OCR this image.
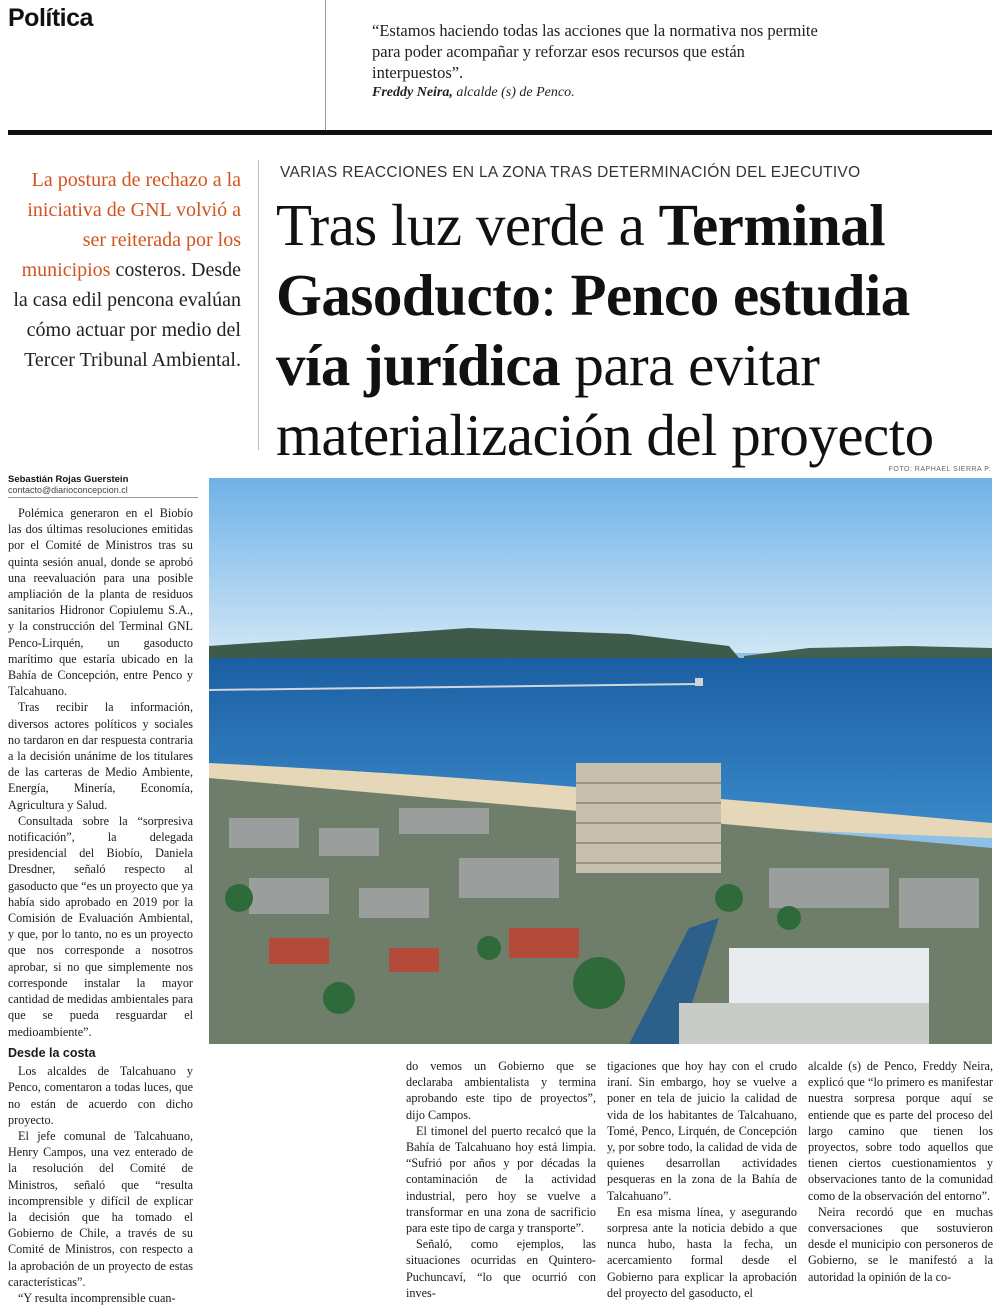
Política	“Estamos haciendo todas las acciones que la normativa nos permite para poder acompañar y reforzar esos recursos que están interpuestos”.
Freddy Neira, alcalde (s) de Penco.
La postura de rechazo a la iniciativa de GNL volvió a ser reiterada por los municipios costeros. Desde la casa edil pencona evalúan cómo actuar por medio del Tercer Tribunal Ambiental.
VARIAS REACCIONES EN LA ZONA TRAS DETERMINACIÓN DEL EJECUTIVO
Tras luz verde a Terminal Gasoducto: Penco estudia vía jurídica para evitar materialización del proyecto
FOTO: RAPHAEL SIERRA P.
Sebastián Rojas Guerstein
contacto@diarioconcepcion.cl

Polémica generaron en el Biobío las dos últimas resoluciones emitidas por el Comité de Ministros tras su quinta sesión anual, donde se aprobó una reevaluación para una posible ampliación de la planta de residuos sanitarios Hidronor Copiulemu S.A., y la construcción del Terminal GNL Penco-Lirquén, un gasoducto marítimo que estaría ubicado en la Bahía de Concepción, entre Penco y Talcahuano.

Tras recibir la información, diversos actores políticos y sociales no tardaron en dar respuesta contraria a la decisión unánime de los titulares de las carteras de Medio Ambiente, Energía, Minería, Economía, Agricultura y Salud.

Consultada sobre la “sorpresiva notificación”, la delegada presidencial del Biobío, Daniela Dresdner, señaló respecto al gasoducto que “es un proyecto que ya había sido aprobado en 2019 por la Comisión de Evaluación Ambiental, y que, por lo tanto, no es un proyecto que nos corresponde a nosotros aprobar, si no que simplemente nos corresponde instalar la mayor cantidad de medidas ambientales para que se pueda resguardar el medioambiente”.

Desde la costa

Los alcaldes de Talcahuano y Penco, comentaron a todas luces, que no están de acuerdo con dicho proyecto.

El jefe comunal de Talcahuano, Henry Campos, una vez enterado de la resolución del Comité de Ministros, señaló que “resulta incomprensible y difícil de explicar la decisión que ha tomado el Gobierno de Chile, a través de su Comité de Ministros, con respecto a la aprobación de un proyecto de estas características”.

“Y resulta incomprensible cuan-

do vemos un Gobierno que se declaraba ambientalista y termina aprobando este tipo de proyectos”, dijo Campos.

El timonel del puerto recalcó que la Bahía de Talcahuano hoy está limpia. “Sufrió por años y por décadas la contaminación de la actividad industrial, pero hoy se vuelve a transformar en una zona de sacrificio para este tipo de carga y transporte”.

Señaló, como ejemplos, las situaciones ocurridas en Quintero-Puchuncaví, “lo que ocurrió con inves-

tigaciones que hoy hay con el crudo iraní. Sin embargo, hoy se vuelve a poner en tela de juicio la calidad de vida de los habitantes de Talcahuano, Tomé, Penco, Lirquén, de Concepción y, por sobre todo, la calidad de vida de quienes desarrollan actividades pesqueras en la zona de la Bahía de Talcahuano”.

En esa misma línea, y asegurando sorpresa ante la noticia debido a que nunca hubo, hasta la fecha, un acercamiento formal desde el Gobierno para explicar la aprobación del proyecto del gasoducto, el

alcalde (s) de Penco, Freddy Neira, explicó que “lo primero es manifestar nuestra sorpresa porque aquí se entiende que es parte del proceso del largo camino que tienen los proyectos, sobre todo aquellos que tienen ciertos cuestionamientos y observaciones tanto de la comunidad como de la observación del entorno”.

Neira recordó que en muchas conversaciones que sostuvieron desde el municipio con personeros de Gobierno, se le manifestó a la autoridad la opinión de la co-
